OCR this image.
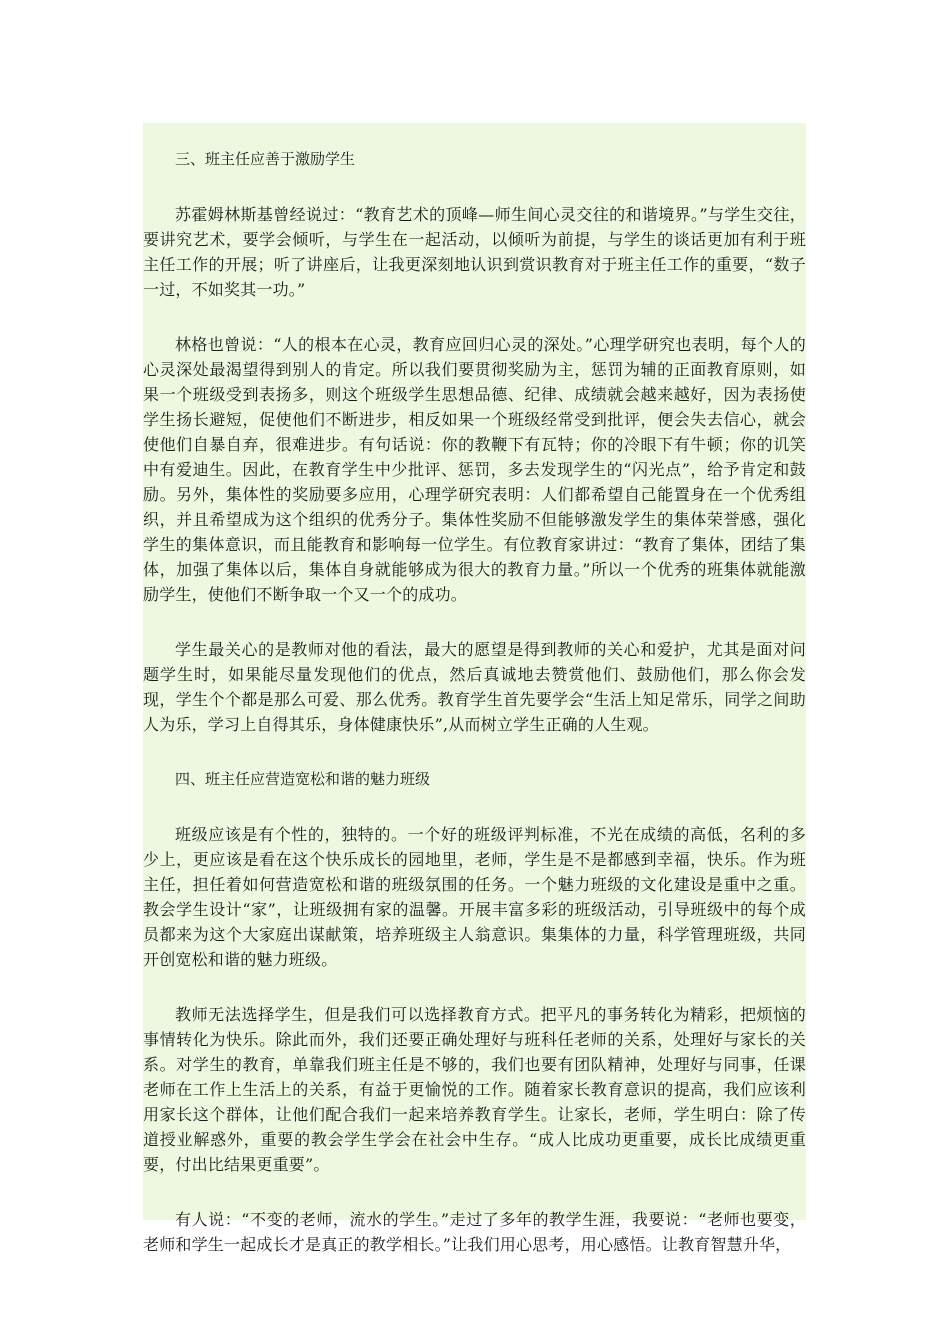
三、班主任应善于激励学生

苏霍姆林斯基曾经说过：“教育艺术的顶峰—师生间心灵交往的和谐境界。”与学生交往，要讲究艺术，要学会倾听，与学生在一起活动，以倾听为前提，与学生的谈话更加有利于班主任工作的开展；听了讲座后，让我更深刻地认识到赏识教育对于班主任工作的重要，“数子一过，不如奖其一功。”

林格也曾说：“人的根本在心灵，教育应回归心灵的深处。”心理学研究也表明，每个人的心灵深处最渴望得到别人的肯定。所以我们要贯彻奖励为主，惩罚为辅的正面教育原则，如果一个班级受到表扬多，则这个班级学生思想品德、纪律、成绩就会越来越好，因为表扬使学生扬长避短，促使他们不断进步，相反如果一个班级经常受到批评，便会失去信心，就会使他们自暴自弃，很难进步。有句话说：你的教鞭下有瓦特；你的冷眼下有牛顿；你的讥笑中有爱迪生。因此，在教育学生中少批评、惩罚，多去发现学生的“闪光点”，给予肯定和鼓励。另外，集体性的奖励要多应用，心理学研究表明：人们都希望自己能置身在一个优秀组织，并且希望成为这个组织的优秀分子。集体性奖励不但能够激发学生的集体荣誉感，强化学生的集体意识，而且能教育和影响每一位学生。有位教育家讲过：“教育了集体，团结了集体，加强了集体以后，集体自身就能够成为很大的教育力量。”所以一个优秀的班集体就能激励学生，使他们不断争取一个又一个的成功。

学生最关心的是教师对他的看法，最大的愿望是得到教师的关心和爱护，尤其是面对问题学生时，如果能尽量发现他们的优点，然后真诚地去赞赏他们、鼓励他们，那么你会发现，学生个个都是那么可爱、那么优秀。教育学生首先要学会“生活上知足常乐，同学之间助人为乐，学习上自得其乐，身体健康快乐”,从而树立学生正确的人生观。

四、班主任应营造宽松和谐的魅力班级

班级应该是有个性的，独特的。一个好的班级评判标准，不光在成绩的高低，名利的多少上，更应该是看在这个快乐成长的园地里，老师，学生是不是都感到幸福，快乐。作为班主任，担任着如何营造宽松和谐的班级氛围的任务。一个魅力班级的文化建设是重中之重。教会学生设计“家”，让班级拥有家的温馨。开展丰富多彩的班级活动，引导班级中的每个成员都来为这个大家庭出谋献策，培养班级主人翁意识。集集体的力量，科学管理班级，共同开创宽松和谐的魅力班级。

教师无法选择学生，但是我们可以选择教育方式。把平凡的事务转化为精彩，把烦恼的事情转化为快乐。除此而外，我们还要正确处理好与班科任老师的关系，处理好与家长的关系。对学生的教育，单靠我们班主任是不够的，我们也要有团队精神，处理好与同事，任课老师在工作上生活上的关系，有益于更愉悦的工作。随着家长教育意识的提高，我们应该利用家长这个群体，让他们配合我们一起来培养教育学生。让家长，老师，学生明白：除了传道授业解惑外，重要的教会学生学会在社会中生存。“成人比成功更重要，成长比成绩更重要，付出比结果更重要”。

有人说：“不变的老师，流水的学生。”走过了多年的教学生涯，我要说：“老师也要变，老师和学生一起成长才是真正的教学相长。”让我们用心思考，用心感悟。让教育智慧升华，
